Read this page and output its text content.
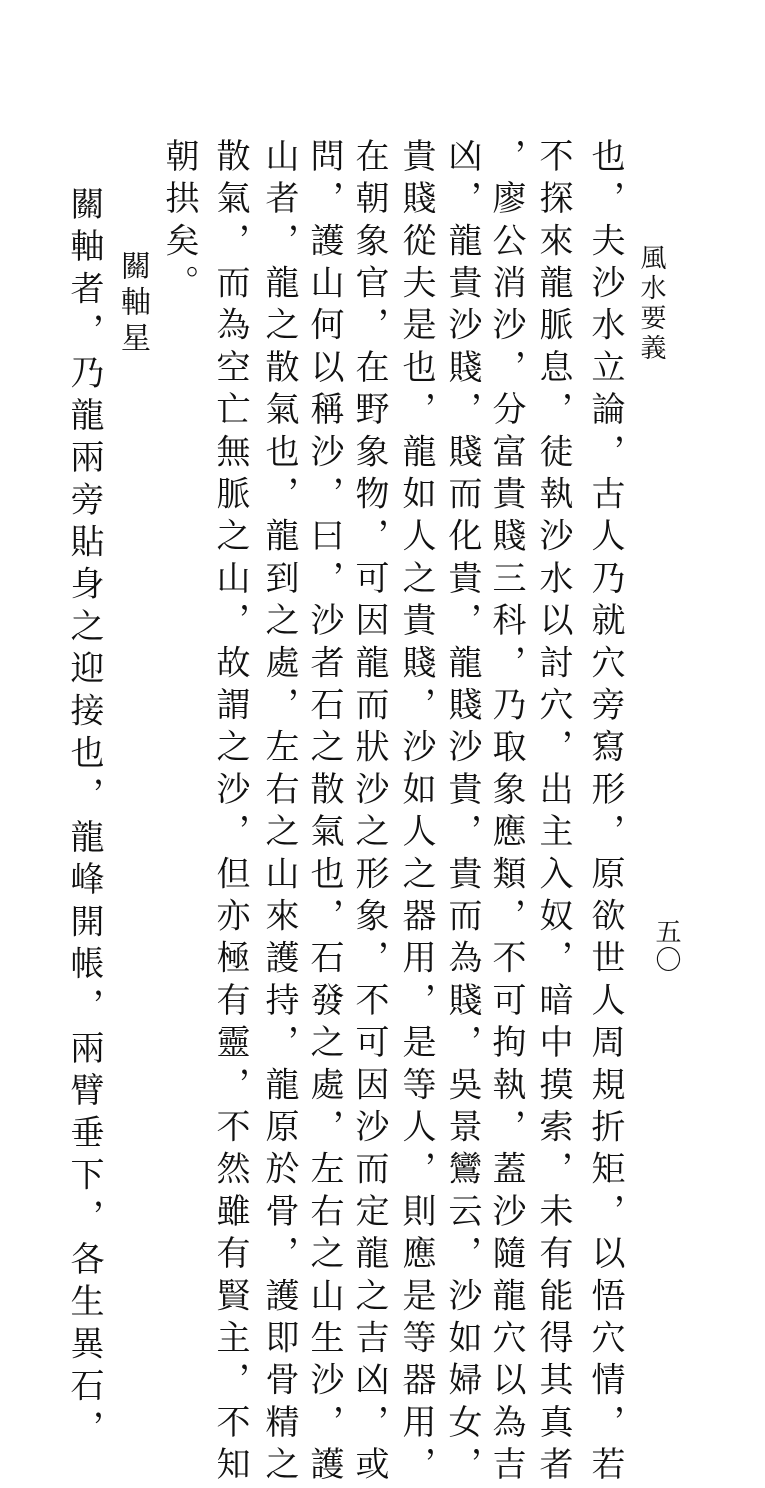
風水要義
五〇
也，夫沙水立論，古人乃就穴旁寫形，原欲世人周規折矩，以悟穴情，若
不探來龍脈息，徒執沙水以討穴，出主入奴，暗中摸索，未有能得其真者
，廖公消沙，分富貴賤三科，乃取象應類，不可拘執，蓋沙隨龍穴以為吉
凶，龍貴沙賤，賤而化貴，龍賤沙貴，貴而為賤，吳景鸞云，沙如婦女，
貴賤從夫是也，龍如人之貴賤，沙如人之器用，是等人，則應是等器用，
在朝象官，在野象物，可因龍而狀沙之形象，不可因沙而定龍之吉凶，或
問，護山何以稱沙，曰，沙者石之散氣也，石發之處，左右之山生沙，護
山者，龍之散氣也，龍到之處，左右之山來護持，龍原於骨，護即骨精之
散氣，而為空亡無脈之山，故謂之沙，但亦極有靈，不然雖有賢主，不知
朝拱矣。
關軸星
關軸者，乃龍兩旁貼身之迎接也，龍峰開帳，兩臂垂下，各生異石，
